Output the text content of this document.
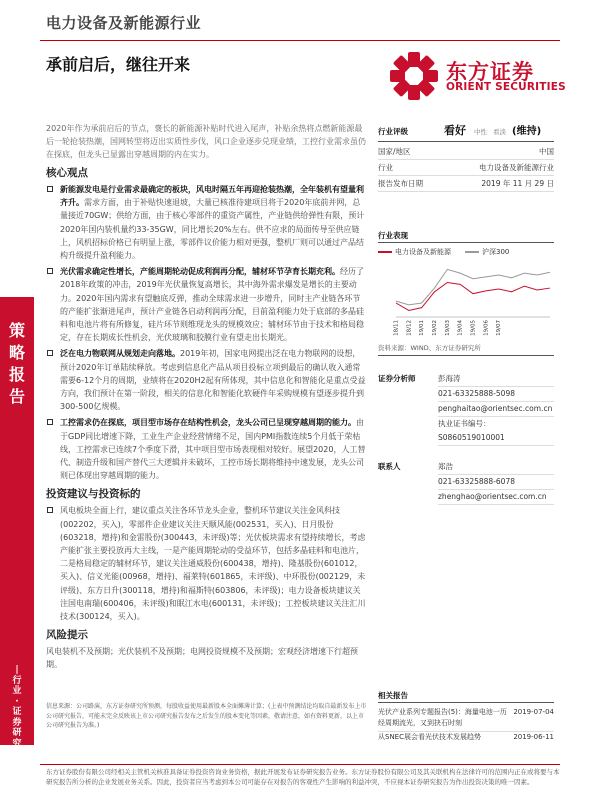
电力设备及新能源行业
承前启后，继往开来	东方证券
ORIENT SECURITIES
策
略
报
告
|
行
业
·
证
券
研
究
报
告
|
2020年作为承前启后的节点，褒长的新能源补贴时代进入尾声，补贴余热将点燃新能源最后一轮抢装热潮，国网转型将迈出实质性步伐，风口企业逐步兑现业绩，工控行业需求虽仍在探底，但龙头已显露出穿越周期的内在实力。
核心观点
新能源发电是行业需求最确定的板块，风电时隔五年再迎抢装热潮，全年装机有望量利齐升。需求方面，由于补贴快速退坡，大量已核准待建项目将于2020年底前并网，总量接近70GW；供给方面，由于核心零部件的重资产属性，产业链供给弹性有限，预计2020年国内装机量约33-35GW，同比增长20%左右。供不应求的局面传导至供应链上，风机招标价格已有明显上涨，零部件议价能力相对更强，整机厂则可以通过产品结构升级提升盈利能力。
光伏需求确定性增长，产能周期轮动促成利润再分配，辅材环节孕育长期充利。经历了2018年政策的冲击，2019年光伏量恢复高增长，其中海外需求爆发是增长的主要动力。2020年国内需求有望触底反弹，推动全球需求进一步增升，同时主产业链各环节的产能扩张渐进尾声，预计产业链各启动利润再分配，目前盈利能力处于底部的多晶硅料和电池片将有所修复，硅片环节则维现龙头的规模效应；辅材环节由于技术和格局稳定，存在长期成长性机会，光伏玻璃和胶膜行业有望走出长期光。
泛在电力物联网从规划走向落地。2019年初，国家电网提出泛在电力物联网的设想，预计2020年订单陆续释放。考虑到信息化产品从项目投标立项到最后的确认收入通常需要6-12个月的周期，业绩将在2020H2起有所体现，其中信息化和智能化是重点受益方向，我们预计在第一阶段，相关的信息化和智能化软硬件年采购规模有望逐步提升到300-500亿规模。
工控需求仍在探底，项目型市场存在结构性机会，龙头公司已呈现穿越周期的能力。由于GDP同比增速下降，工业生产企业经营情绪不足，国内PMI指数连续5个月低于荣枯线，工控需求已连续7个季度下滑，其中项目型市场表现相对较好。展望2020，人工替代、制造升级和国产替代三大逻辑并未破坏，工控市场长期将维持中速发展，龙头公司则已体现出穿越周期的能力。
投资建议与投资标的
风电板块全面上行，建议重点关注各环节龙头企业，整机环节建议关注金风科技(002202，买入)，零部件企业建议关注天顺风能(002531，买入)、日月股份(603218，增持)和金雷股份(300443，未评级)等；光伏板块需求有望持续增长，考虑产能扩张主要投放再大主线，一是产能周期轮动的受益环节，包括多晶硅料和电池片，二是格局稳定的辅材环节，建议关注通威股份(600438，增持)、隆基股份(601012，买入)、信义光能(00968，增持)、福莱特(601865，未评级)、中环股份(002129，未评级)、东方日升(300118，增持)和福斯特(603806，未评级)；电力设备板块建议关注国电南瑞(600406，未评级)和眠江水电(600131，未评级)；工控板块建议关注汇川技术(300124，买入)。
风险提示
风电装机不及预期；光伏装机不及预期；电网投资规模不及预期；宏观经济增速下行超预期。
行业评级	看好 中性 看淡 (维持)
国家/地区	中国
行业	电力设备及新能源行业
报告发布日期	2019 年 11 月 29 日
行业表现
电力设备及新能源	沪深300
18/11 18/12 19/01 19/02 19/03 19/04 19/05 19/06 19/07
资料来源：WIND、东方证券研究所
证券分析师	彭海涛
021-63325888-5098
penghaitao@orientsec.com.cn
执业证书编号：S0860519010001
联系人	郑浩
021-63325888-6078
zhenghao@orientsec.com.cn
相关报告
光伏产业系列专题报告(5)：海量电池一历经周期流光，又到抉石时刻
2019-07-04
从SNEC展会看光伏技术发展趋势	2019-06-11
信息来源：公司路演，东方证券研究所预测，每股收益使用最新股本全面摊薄计算；(上表中预测结论均取自最新发布上市公司研究报告，可能未完全反映该上市公司研究报告发布之后发生的股本变化等因素，敬请注意，如有资料更新，以上市公司研究报告为准。)
东方证券股份有限公司经相关主管机关核准具备证券投资咨询业务资格，据此开展发布证券研究报告业务。东方证券股份有限公司及其关联机构在法律许可的范围内正在或将要与本研究报告所分析的企业发展业务关系。因此，投资者应当考虑到本公司可能存在对报告的客观性产生影响的利益冲突，不应视本证券研究报告为作出投资决策的唯一因素。
